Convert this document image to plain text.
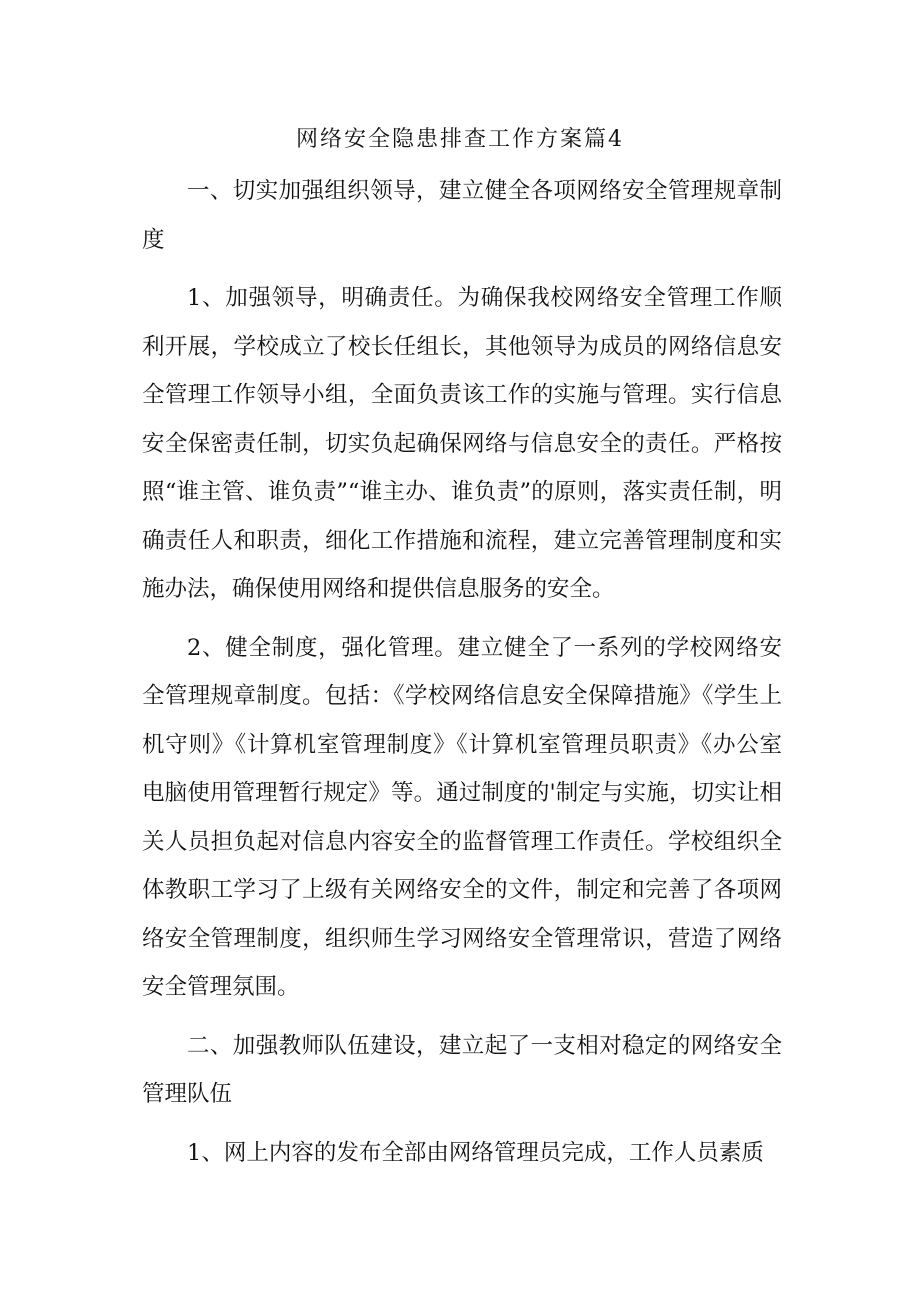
网络安全隐患排查工作方案篇4

一、切实加强组织领导，建立健全各项网络安全管理规章制度

1、加强领导，明确责任。为确保我校网络安全管理工作顺利开展，学校成立了校长任组长，其他领导为成员的网络信息安全管理工作领导小组，全面负责该工作的实施与管理。实行信息安全保密责任制，切实负起确保网络与信息安全的责任。严格按照“谁主管、谁负责”“谁主办、谁负责”的原则，落实责任制，明确责任人和职责，细化工作措施和流程，建立完善管理制度和实施办法，确保使用网络和提供信息服务的安全。

2、健全制度，强化管理。建立健全了一系列的学校网络安全管理规章制度。包括：《学校网络信息安全保障措施》《学生上机守则》《计算机室管理制度》《计算机室管理员职责》《办公室电脑使用管理暂行规定》等。通过制度的'制定与实施，切实让相关人员担负起对信息内容安全的监督管理工作责任。学校组织全体教职工学习了上级有关网络安全的文件，制定和完善了各项网络安全管理制度，组织师生学习网络安全管理常识，营造了网络安全管理氛围。

二、加强教师队伍建设，建立起了一支相对稳定的网络安全管理队伍

1、网上内容的发布全部由网络管理员完成，工作人员素质
